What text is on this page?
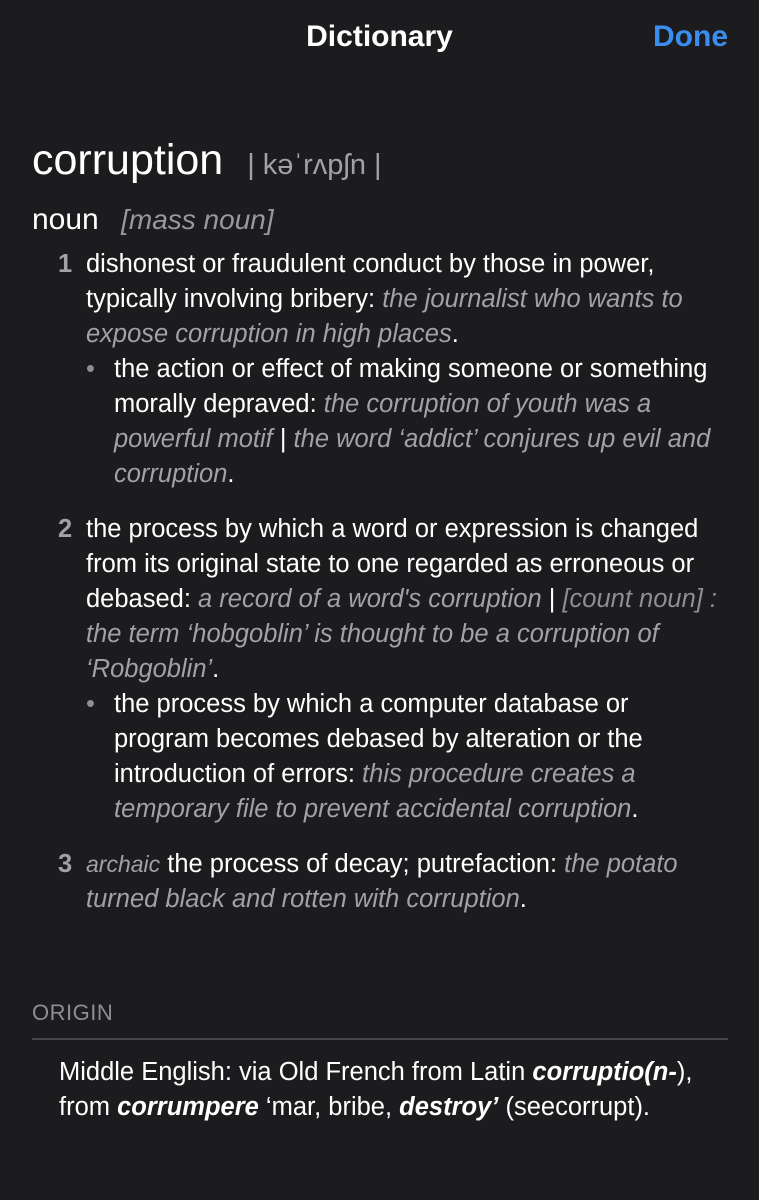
Dictionary	Done
corruption | kəˈrʌpʃn |
noun [mass noun]
1 dishonest or fraudulent conduct by those in power, typically involving bribery: the journalist who wants to expose corruption in high places.
• the action or effect of making someone or something morally depraved: the corruption of youth was a powerful motif | the word ‘addict’ conjures up evil and corruption.
2 the process by which a word or expression is changed from its original state to one regarded as erroneous or debased: a record of a word's corruption | [count noun] : the term ‘hobgoblin’ is thought to be a corruption of ‘Robgoblin’.
• the process by which a computer database or program becomes debased by alteration or the introduction of errors: this procedure creates a temporary file to prevent accidental corruption.
3 archaic the process of decay; putrefaction: the potato turned black and rotten with corruption.
ORIGIN
Middle English: via Old French from Latin corruptio(n-), from corrumpere ‘mar, bribe, destroy’ (seecorrupt).
